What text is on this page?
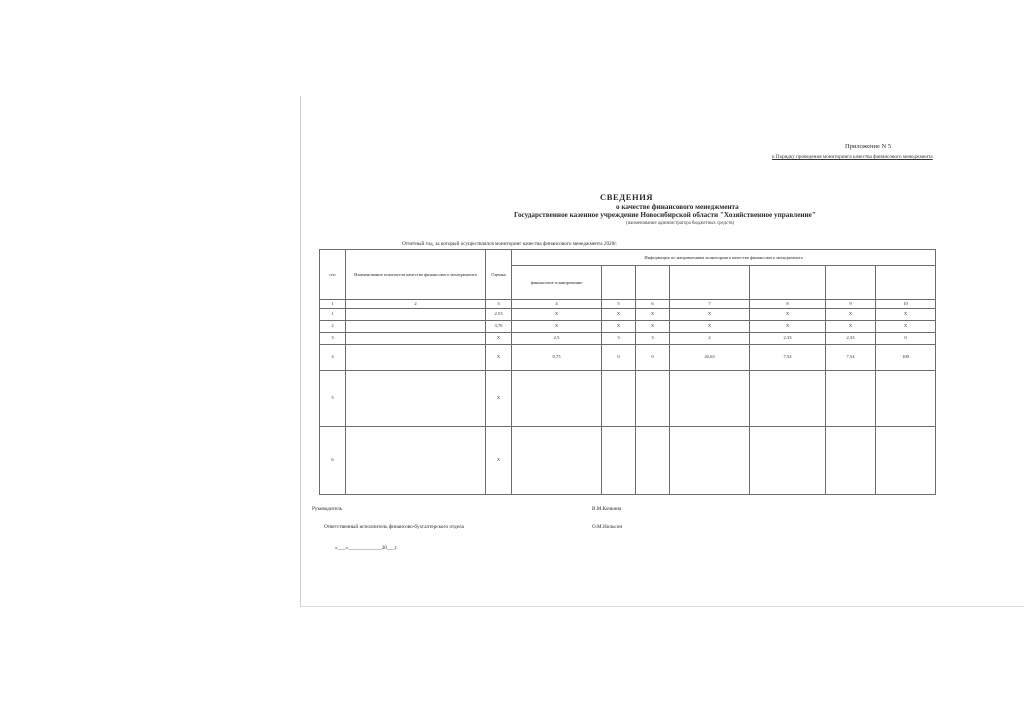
Приложение N 5
к Порядку проведения мониторинга качества финансового менеджмента
СВЕДЕНИЯ
о качестве финансового менеджмента
Государственное казенное учреждение Новосибирской области "Хозяйственное управление"
(наименование администратора бюджетных средств)
Отчетный год, за который осуществлялся мониторинг качества финансового менеджмента 2020г.
п/п	Наименование показателя качества финансового менеджмента	Оценка	Информация по направлениям мониторинга качества финансового менеджмента						
			финансовое планирование						
1	2	3	4	5	6	7	8	9	10
1		2,53	X	X	X	X	X	X	X
2		3,76	X	X	X	X	X	X	X
3		X	2,5	3	3	2	2,33	2,33	0
4		X	0,75	0	0	20,63	7,54	7,54	100
5		X							
6		X							
Руководитель	В.М.Кочкина
Ответственный исполнитель финансово-бухгалтерского отдела	О.М.Нильсон
«___»_____________20___г.
